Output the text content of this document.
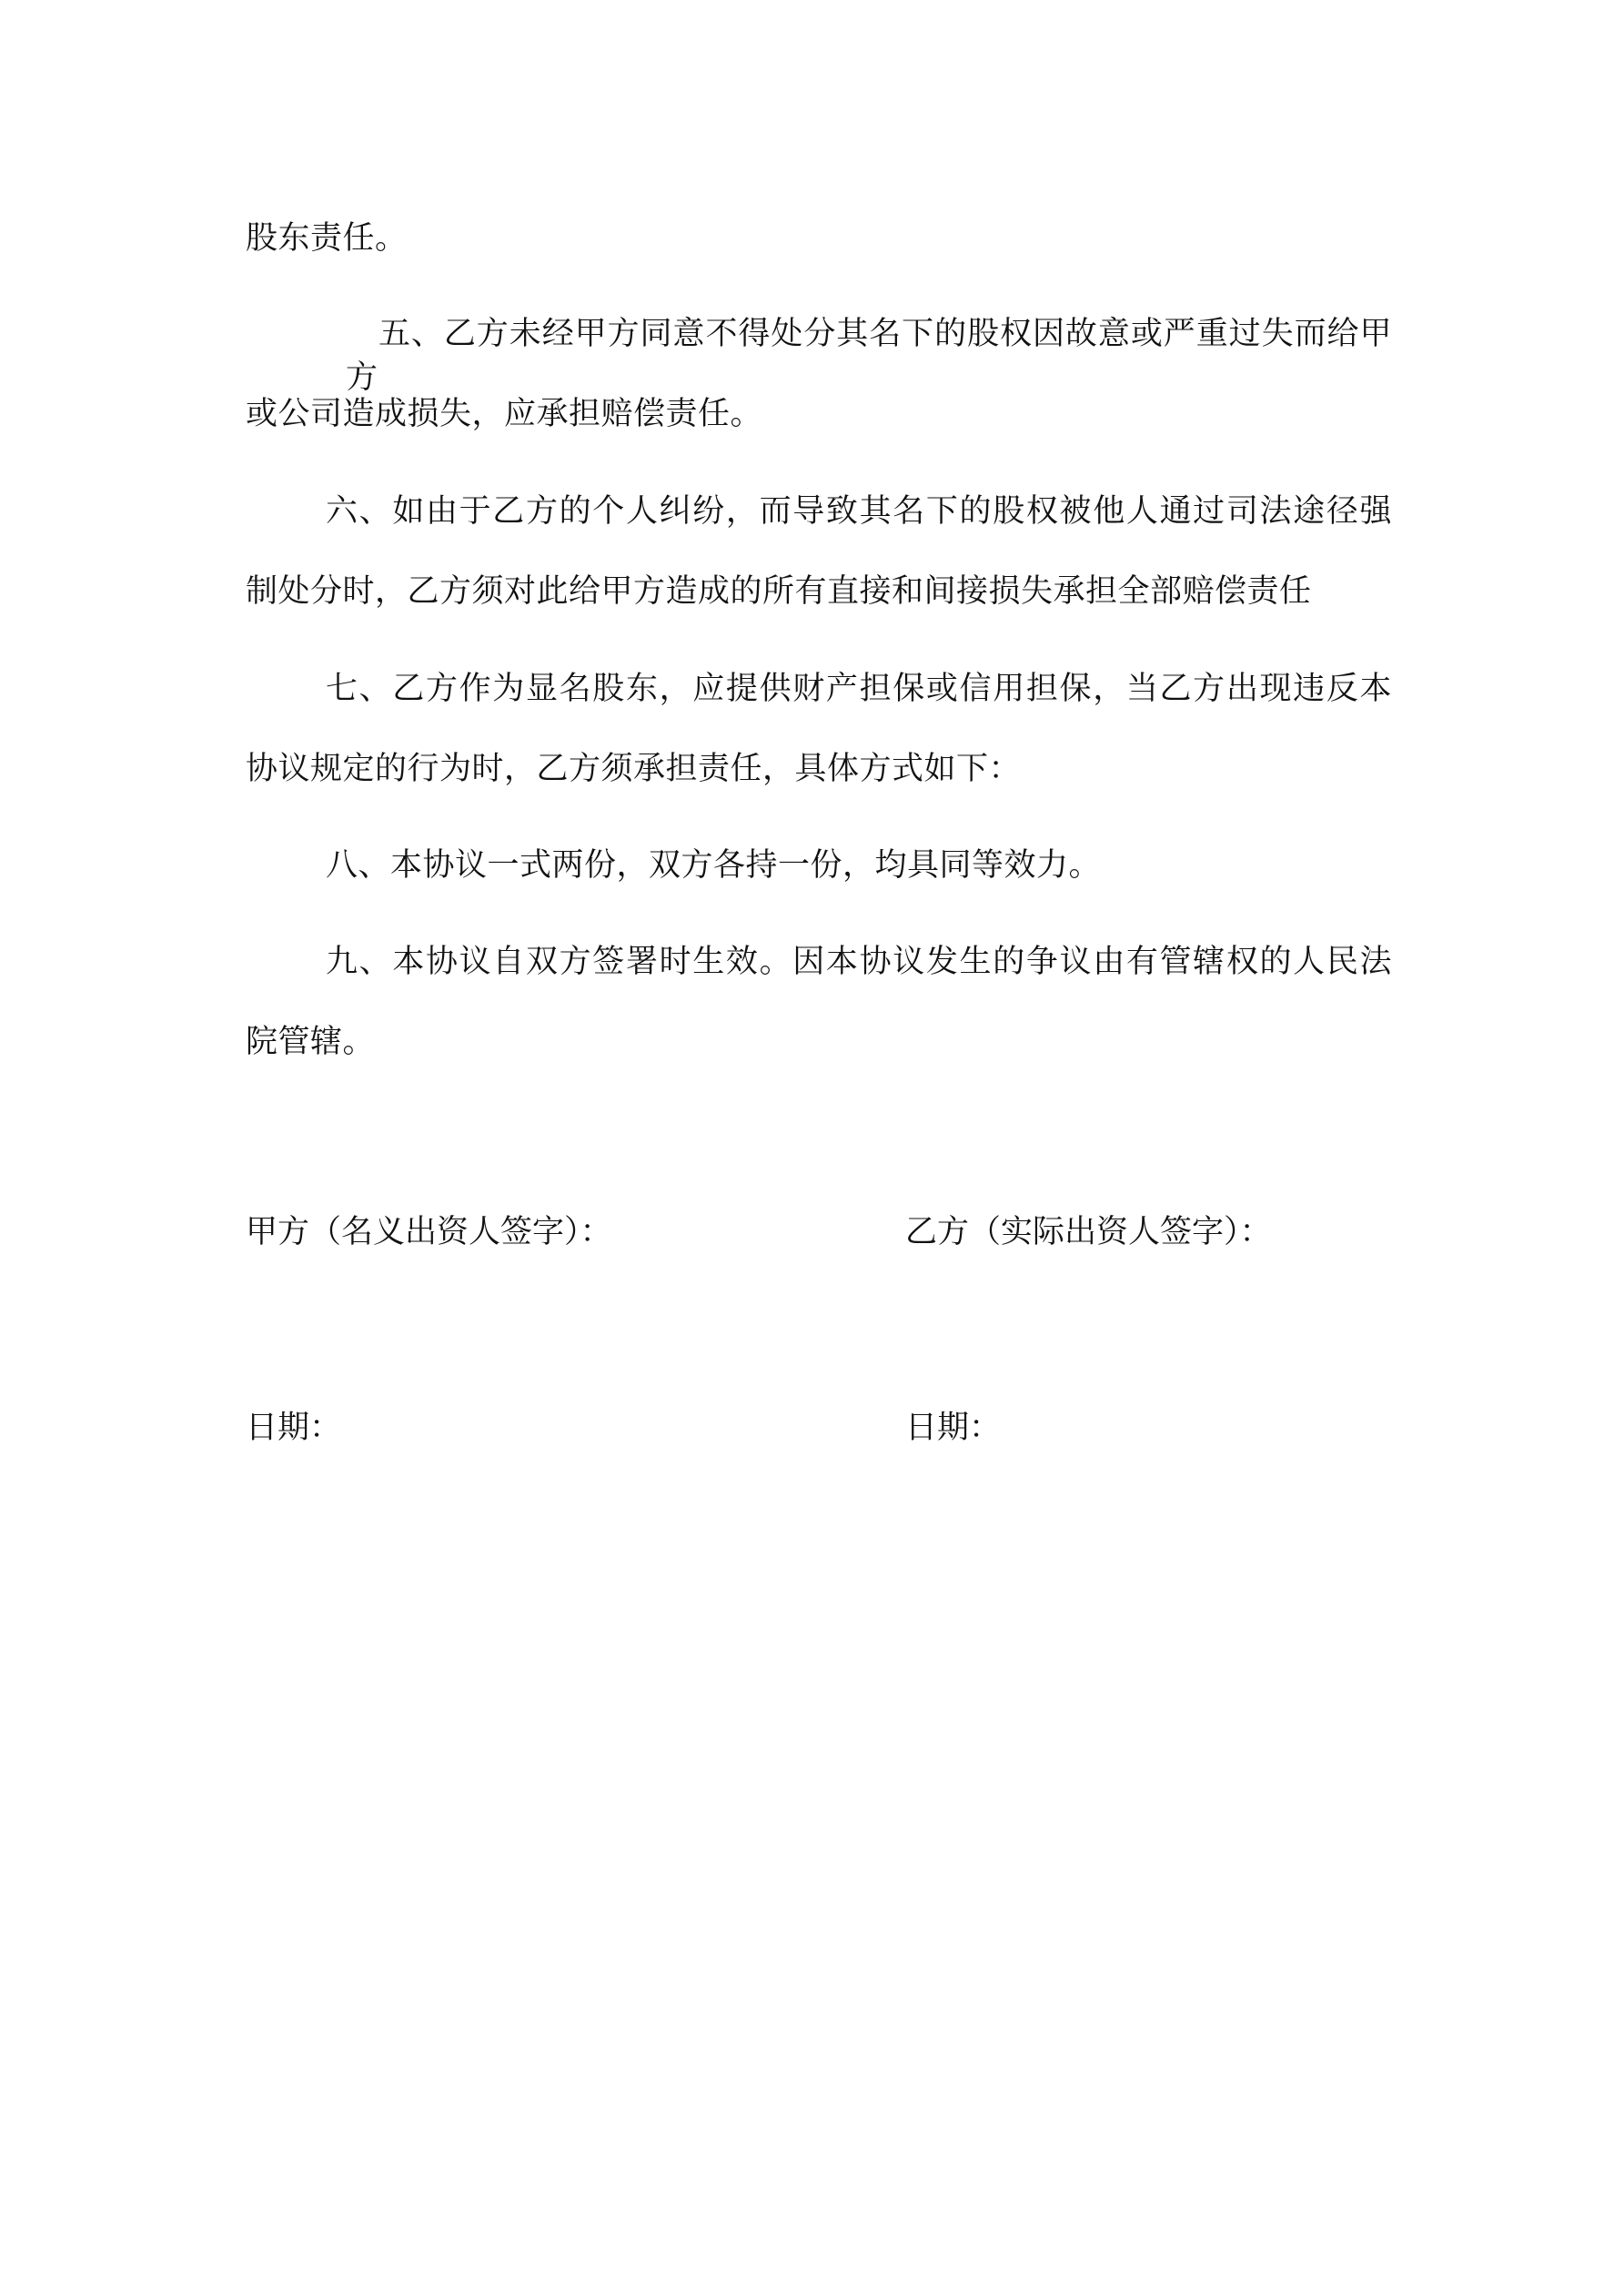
股东责任。
　五、乙方未经甲方同意不得处分其名下的股权因故意或严重过失而给甲方
或公司造成损失，应承担赔偿责任。
六、如由于乙方的个人纠纷，而导致其名下的股权被他人通过司法途径强
制处分时，乙方须对此给甲方造成的所有直接和间接损失承担全部赔偿责任
七、乙方作为显名股东，应提供财产担保或信用担保，当乙方出现违反本
协议规定的行为时，乙方须承担责任，具体方式如下：
八、本协议一式两份，双方各持一份，均具同等效力。
九、本协议自双方签署时生效。因本协议发生的争议由有管辖权的人民法
院管辖。
甲方（名义出资人签字）：	乙方（实际出资人签字）：
日期：	日期：
